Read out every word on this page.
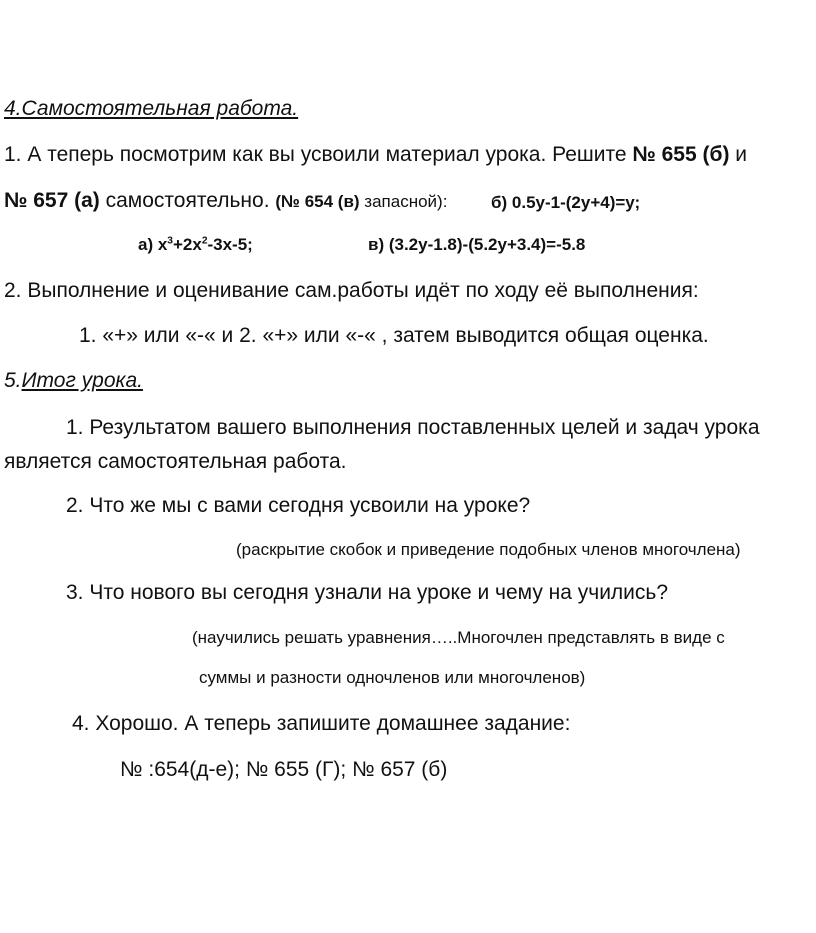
4.Самостоятельная работа.
1. А теперь посмотрим как вы усвоили материал урока. Решите № 655 (б) и
№ 657 (а) самостоятельно. (№ 654 (в) запасной):	б) 0.5у-1-(2у+4)=у;
а) $х^3+2х^2-3х-5$;	в) (3.2у-1.8)-(5.2у+3.4)=-5.8
2. Выполнение и оценивание сам.работы идёт по ходу её выполнения:
1. «+» или «-« и 2. «+» или «-« , затем выводится общая оценка.
5.Итог урока.
1. Результатом вашего выполнения поставленных целей и задач урока
является самостоятельная работа.
2. Что же мы с вами сегодня усвоили на уроке?
(раскрытие скобок и приведение подобных членов многочлена)
3. Что нового вы сегодня узнали на уроке и чему на учились?
(научились решать уравнения…..Многочлен представлять в виде с
суммы и разности одночленов или многочленов)
4. Хорошо. А теперь запишите домашнее задание:
№ :654(д-е); № 655 (Г); № 657 (б)
